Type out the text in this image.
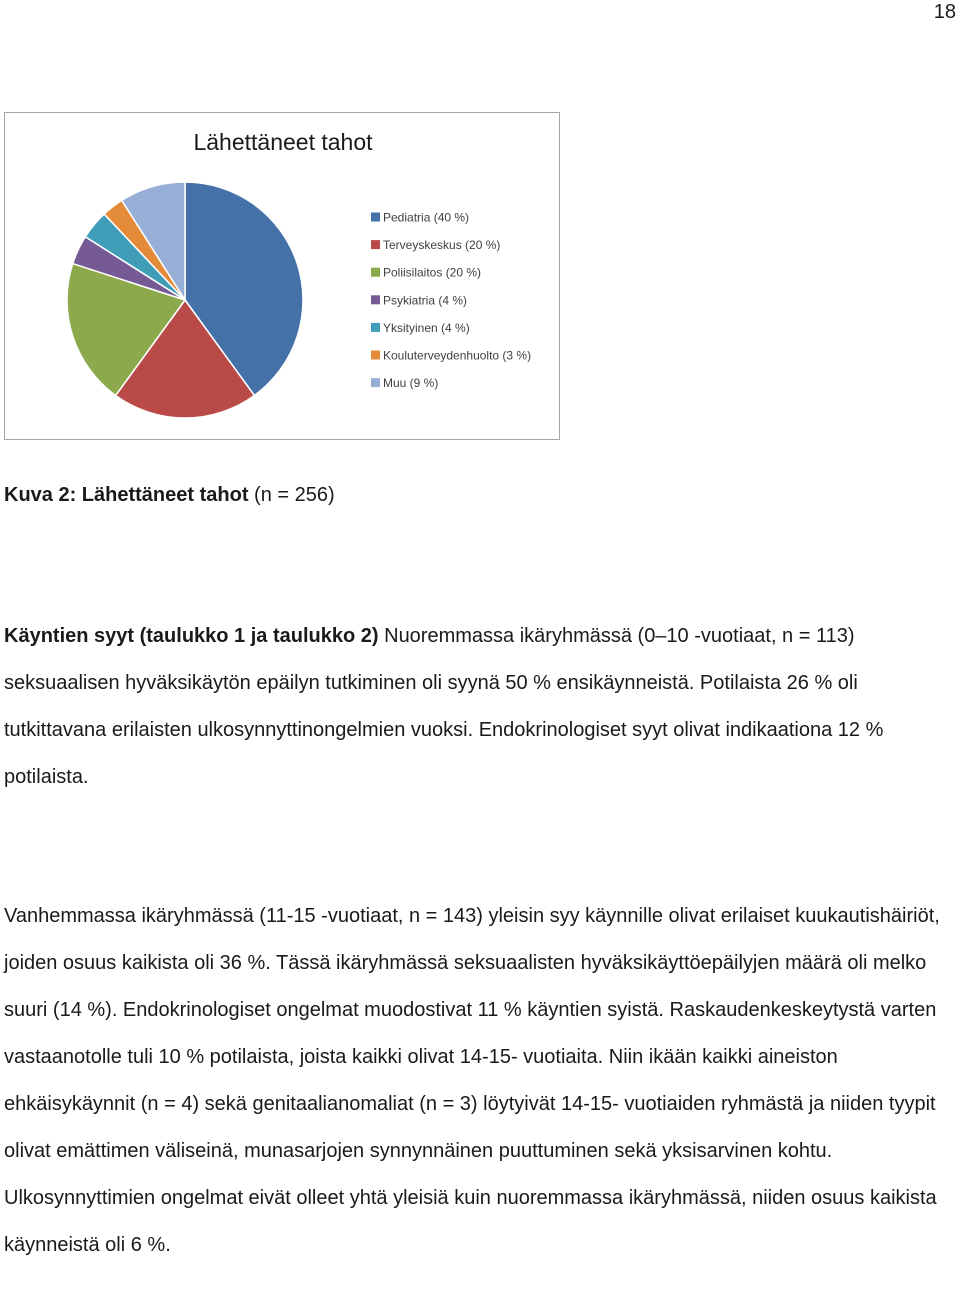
18
Lähettäneet tahot
Pediatria (40 %)
Terveyskeskus (20 %)
Poliisilaitos (20 %)
Psykiatria (4 %)
Yksityinen (4 %)
Kouluterveydenhuolto (3 %)
Muu (9 %)
Kuva 2: Lähettäneet tahot (n = 256)

Käyntien syyt (taulukko 1 ja taulukko 2) Nuoremmassa ikäryhmässä (0–10 -vuotiaat, n = 113) seksuaalisen hyväksikäytön epäilyn tutkiminen oli syynä 50 % ensikäynneistä. Potilaista 26 % oli tutkittavana erilaisten ulkosynnyttinongelmien vuoksi. Endokrinologiset syyt olivat indikaationa 12 % potilaista.

Vanhemmassa ikäryhmässä (11-15 -vuotiaat, n = 143) yleisin syy käynnille olivat erilaiset kuukautishäiriöt, joiden osuus kaikista oli 36 %. Tässä ikäryhmässä seksuaalisten hyväksikäyttöepäilyjen määrä oli melko suuri (14 %). Endokrinologiset ongelmat muodostivat 11 % käyntien syistä. Raskaudenkeskeytystä varten vastaanotolle tuli 10 % potilaista, joista kaikki olivat 14-15- vuotiaita. Niin ikään kaikki aineiston ehkäisykäynnit (n = 4) sekä genitaalianomaliat (n = 3) löytyivät 14-15- vuotiaiden ryhmästä ja niiden tyypit olivat emättimen väliseinä, munasarjojen synnynnäinen puuttuminen sekä yksisarvinen kohtu. Ulkosynnyttimien ongelmat eivät olleet yhtä yleisiä kuin nuoremmassa ikäryhmässä, niiden osuus kaikista käynneistä oli 6 %.
